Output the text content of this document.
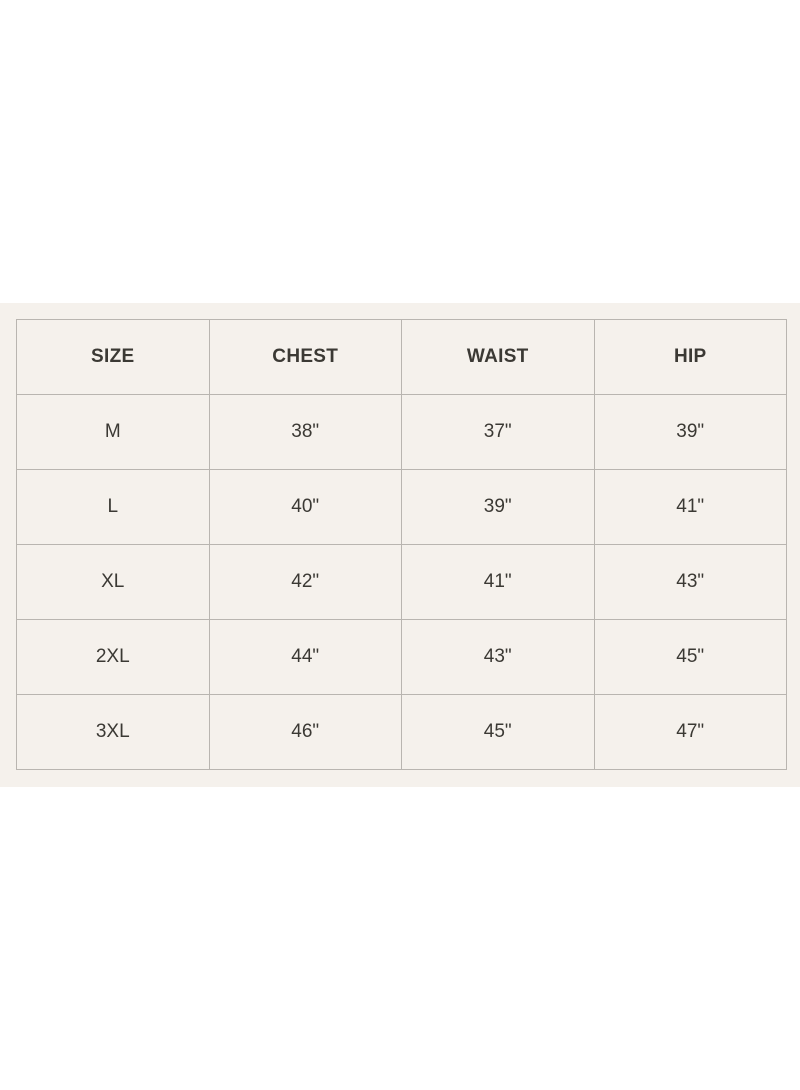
SIZE	CHEST	WAIST	HIP
M	38"	37"	39"
L	40"	39"	41"
XL	42"	41"	43"
2XL	44"	43"	45"
3XL	46"	45"	47"
